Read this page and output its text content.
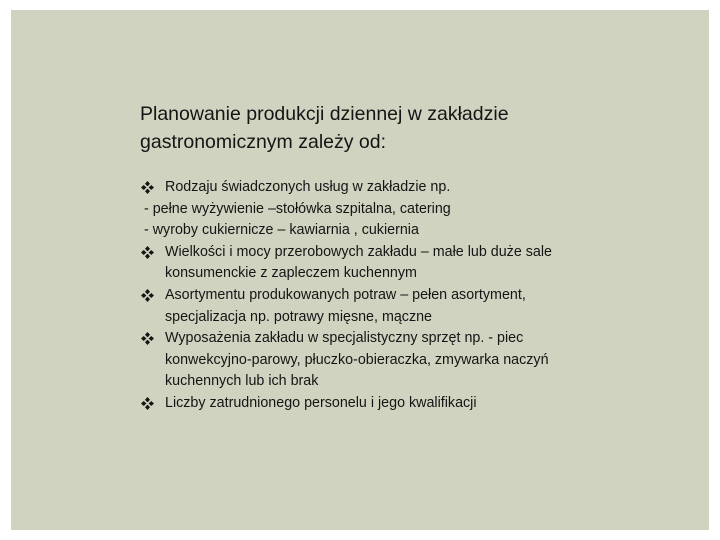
Planowanie produkcji dziennej w zakładzie
gastronomicznym zależy od:
Rodzaju świadczonych usług w zakładzie np.
- pełne wyżywienie –stołówka szpitalna, catering
- wyroby cukiernicze – kawiarnia , cukiernia
Wielkości i mocy przerobowych zakładu – małe lub duże sale
konsumenckie z zapleczem kuchennym
Asortymentu produkowanych potraw – pełen asortyment,
specjalizacja np. potrawy mięsne, mączne
Wyposażenia zakładu w specjalistyczny sprzęt np. - piec
konwekcyjno-parowy, płuczko-obieraczka, zmywarka naczyń
kuchennych lub ich brak
Liczby zatrudnionego personelu i jego kwalifikacji
